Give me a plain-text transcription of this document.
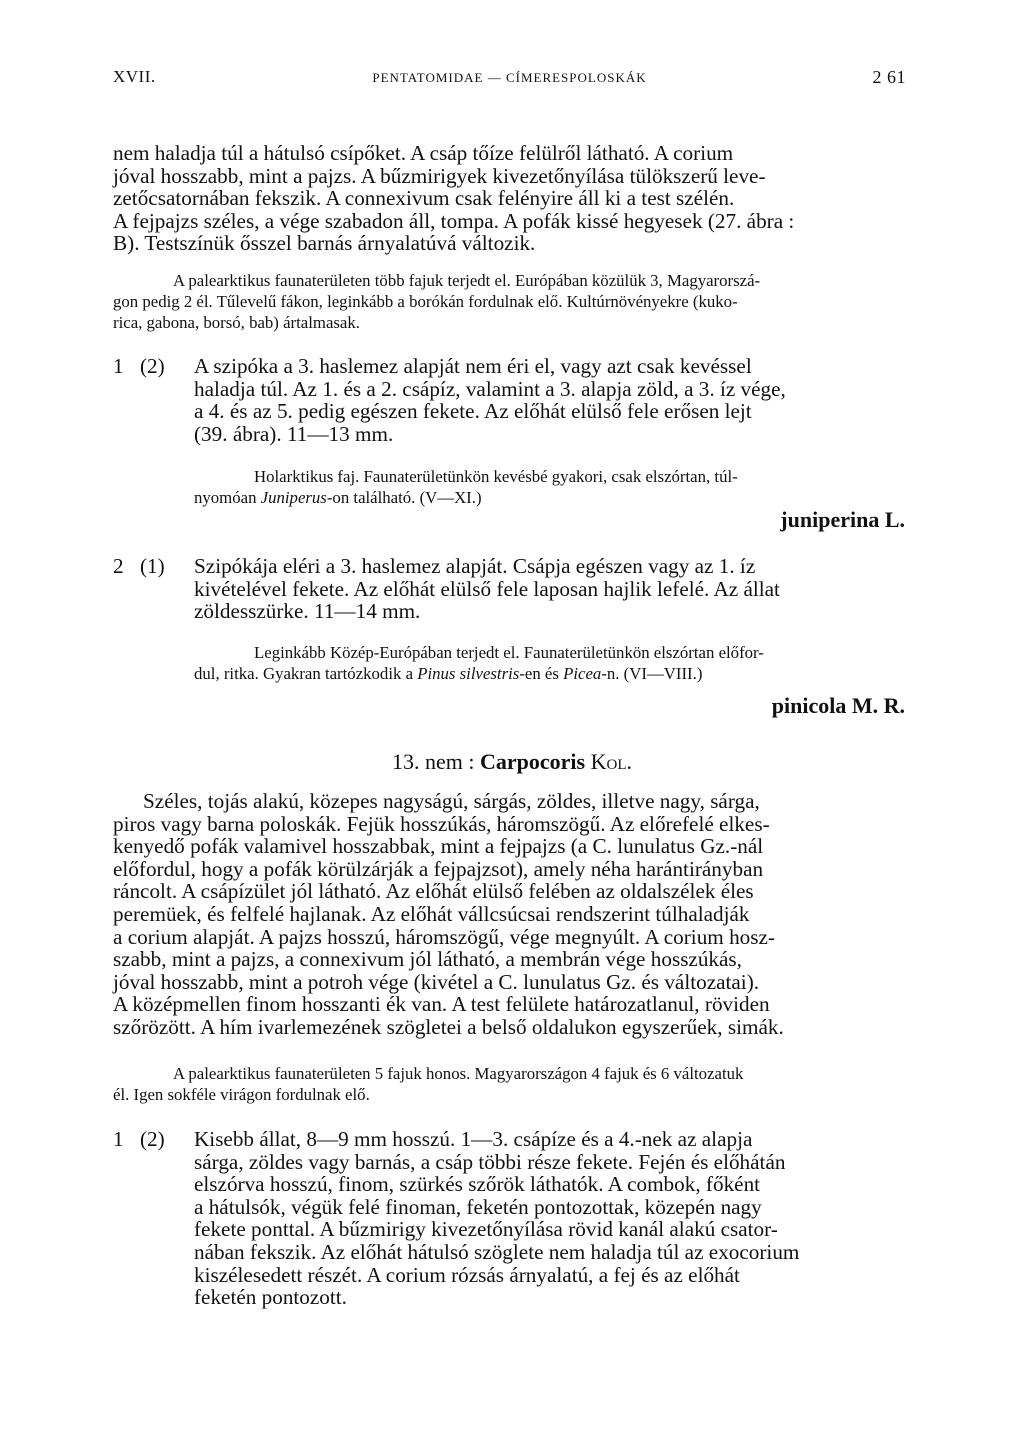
XVII.	PENTATOMIDAE — CÍMERESPOLOSKÁK	2 61
nem haladja túl a hátulsó csípőket. A csáp tőíze felülről látható. A corium
jóval hosszabb, mint a pajzs. A bűzmirigyek kivezetőnyílása tülökszerű leve-
zetőcsatornában fekszik. A connexivum csak felényire áll ki a test szélén.
A fejpajzs széles, a vége szabadon áll, tompa. A pofák kissé hegyesek (27. ábra :
B). Testszínük ősszel barnás árnyalatúvá változik.
A palearktikus faunaterületen több fajuk terjedt el. Európában közülük 3, Magyarorszá-
gon pedig 2 él. Tűlevelű fákon, leginkább a borókán fordulnak elő. Kultúrnövényekre (kuko-
rica, gabona, borsó, bab) ártalmasak.
1 (2)	A szipóka a 3. haslemez alapját nem éri el, vagy azt csak kevéssel
haladja túl. Az 1. és a 2. csápíz, valamint a 3. alapja zöld, a 3. íz vége,
a 4. és az 5. pedig egészen fekete. Az előhát elülső fele erősen lejt
(39. ábra). 11—13 mm.
Holarktikus faj. Faunaterületünkön kevésbé gyakori, csak elszórtan, túl-
nyomóan Juniperus-on található. (V—XI.)
juniperina L.
2 (1)	Szipókája eléri a 3. haslemez alapját. Csápja egészen vagy az 1. íz
kivételével fekete. Az előhát elülső fele laposan hajlik lefelé. Az állat
zöldesszürke. 11—14 mm.
Leginkább Közép-Európában terjedt el. Faunaterületünkön elszórtan előfor-
dul, ritka. Gyakran tartózkodik a Pinus silvestris-en és Picea-n. (VI—VIII.)
pinicola M. R.
13. nem : Carpocoris Kol.
Széles, tojás alakú, közepes nagyságú, sárgás, zöldes, illetve nagy, sárga,
piros vagy barna poloskák. Fejük hosszúkás, háromszögű. Az előrefelé elkes-
kenyedő pofák valamivel hosszabbak, mint a fejpajzs (a C. lunulatus Gz.-nál
előfordul, hogy a pofák körülzárják a fejpajzsot), amely néha harántirányban
ráncolt. A csápízület jól látható. Az előhát elülső felében az oldalszélek éles
peremüek, és felfelé hajlanak. Az előhát vállcsúcsai rendszerint túlhaladják
a corium alapját. A pajzs hosszú, háromszögű, vége megnyúlt. A corium hosz-
szabb, mint a pajzs, a connexivum jól látható, a membrán vége hosszúkás,
jóval hosszabb, mint a potroh vége (kivétel a C. lunulatus Gz. és változatai).
A középmellen finom hosszanti ék van. A test felülete határozatlanul, röviden
szőrözött. A hím ivarlemezének szögletei a belső oldalukon egyszerűek, simák.
A palearktikus faunaterületen 5 fajuk honos. Magyarországon 4 fajuk és 6 változatuk
él. Igen sokféle virágon fordulnak elő.
1 (2)	Kisebb állat, 8—9 mm hosszú. 1—3. csápíze és a 4.-nek az alapja
sárga, zöldes vagy barnás, a csáp többi része fekete. Fején és előhátán
elszórva hosszú, finom, szürkés szőrök láthatók. A combok, főként
a hátulsók, végük felé finoman, feketén pontozottak, közepén nagy
fekete ponttal. A bűzmirigy kivezetőnyílása rövid kanál alakú csator-
nában fekszik. Az előhát hátulsó szöglete nem haladja túl az exocorium
kiszélesedett részét. A corium rózsás árnyalatú, a fej és az előhát
feketén pontozott.
